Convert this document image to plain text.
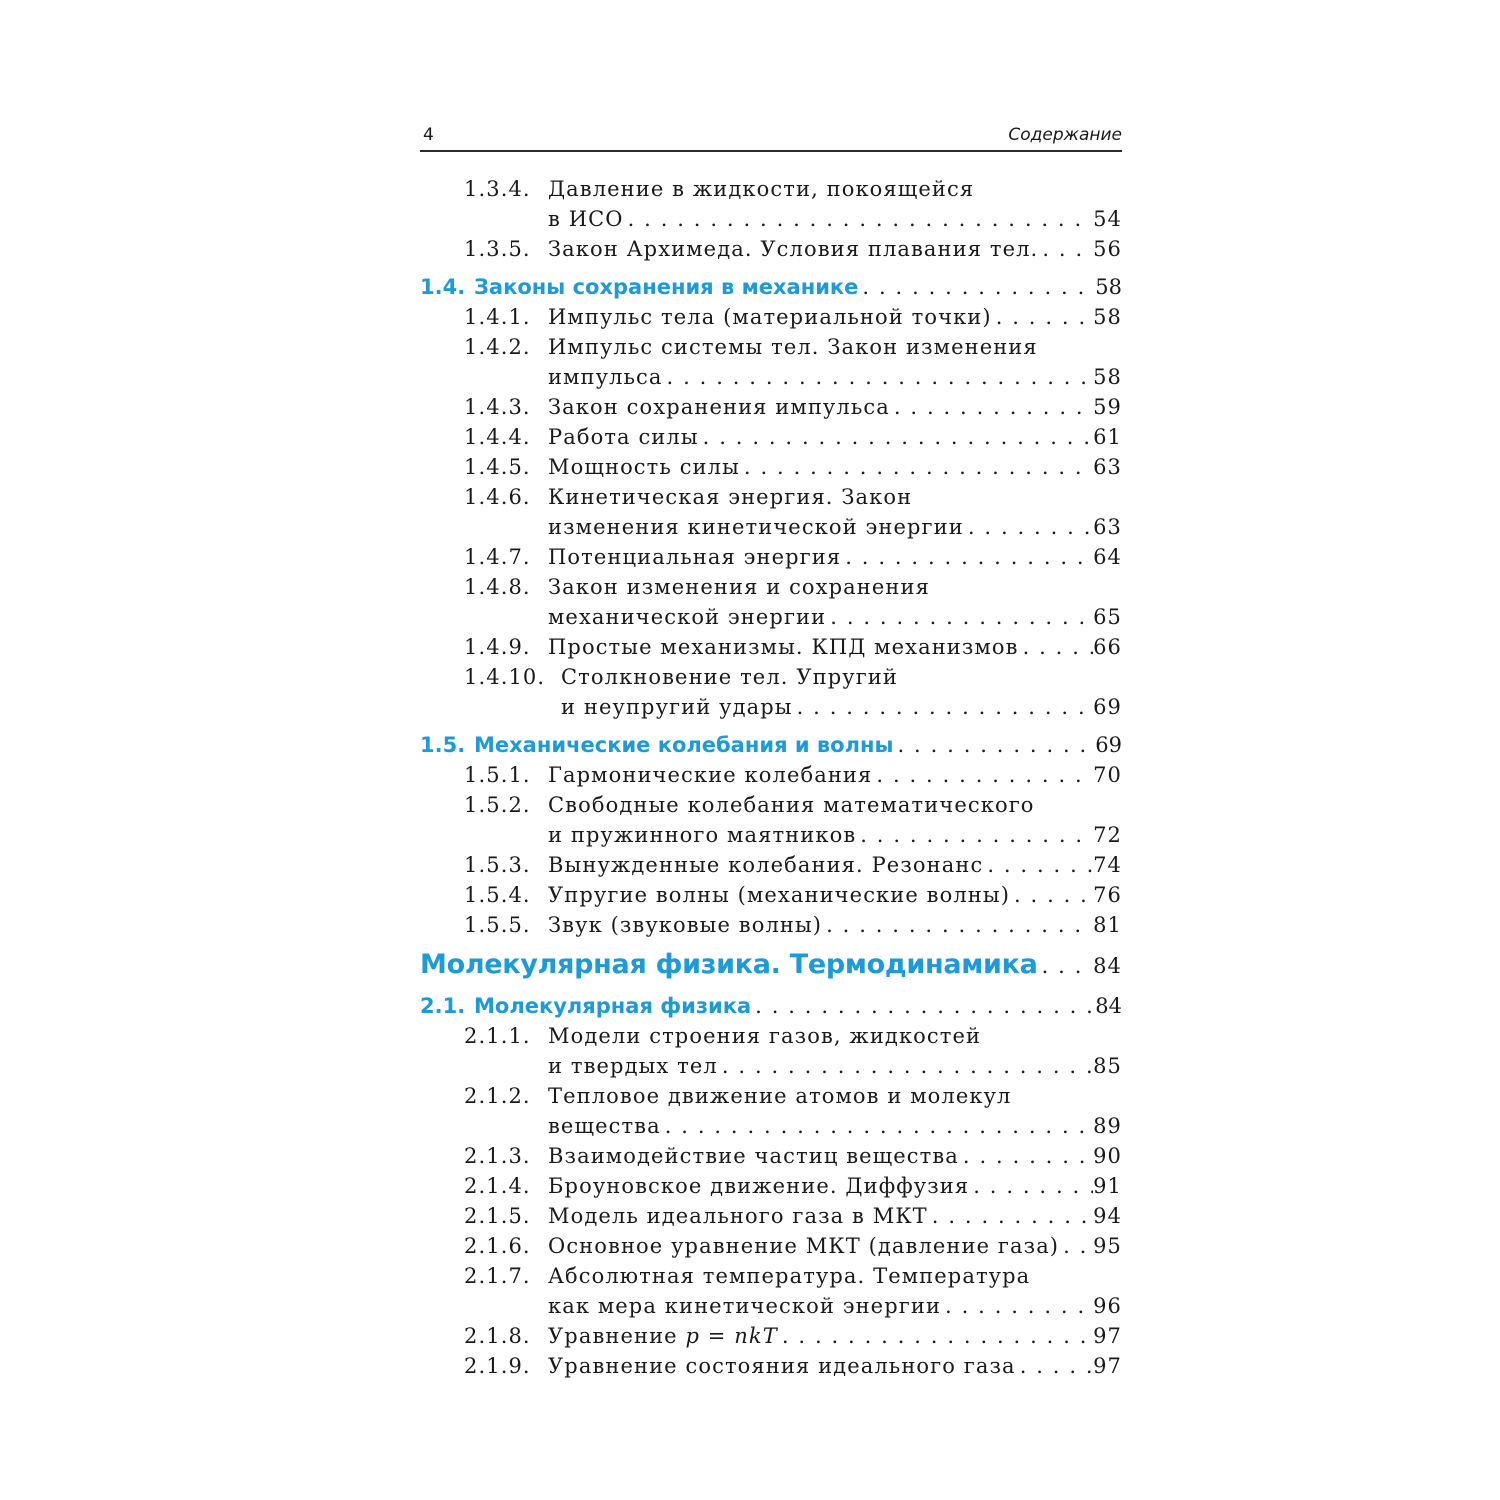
4	Содержание
1.3.4. Давление в жидкости, покоящейся
в ИСО . . .	54
1.3.5. Закон Архимеда. Условия плавания тел. . . .	56
1.4. Законы сохранения в механике . . .	58
1.4.1. Импульс тела (материальной точки) . . .	58
1.4.2. Импульс системы тел. Закон изменения
импульса . . .	58
1.4.3. Закон сохранения импульса . . .	59
1.4.4. Работа силы . . .	61
1.4.5. Мощность силы . . .	63
1.4.6. Кинетическая энергия. Закон
изменения кинетической энергии . . .	63
1.4.7. Потенциальная энергия . . .	64
1.4.8. Закон изменения и сохранения
механической энергии . . .	65
1.4.9. Простые механизмы. КПД механизмов . . .	66
1.4.10. Столкновение тел. Упругий
и неупругий удары . . .	69
1.5. Механические колебания и волны . . .	69
1.5.1. Гармонические колебания . . .	70
1.5.2. Свободные колебания математического
и пружинного маятников . . .	72
1.5.3. Вынужденные колебания. Резонанс . . .	74
1.5.4. Упругие волны (механические волны) . . .	76
1.5.5. Звук (звуковые волны) . . .	81
Молекулярная физика. Термодинамика . . .	84
2.1. Молекулярная физика . . .	84
2.1.1. Модели строения газов, жидкостей
и твердых тел . . .	85
2.1.2. Тепловое движение атомов и молекул
вещества . . .	89
2.1.3. Взаимодействие частиц вещества . . .	90
2.1.4. Броуновское движение. Диффузия . . .	91
2.1.5. Модель идеального газа в МКТ . . .	94
2.1.6. Основное уравнение МКТ (давление газа) . . . 95
2.1.7. Абсолютная температура. Температура
как мера кинетической энергии . . .	96
2.1.8. Уравнение p = nkT . . .	97
2.1.9. Уравнение состояния идеального газа . . .	97
